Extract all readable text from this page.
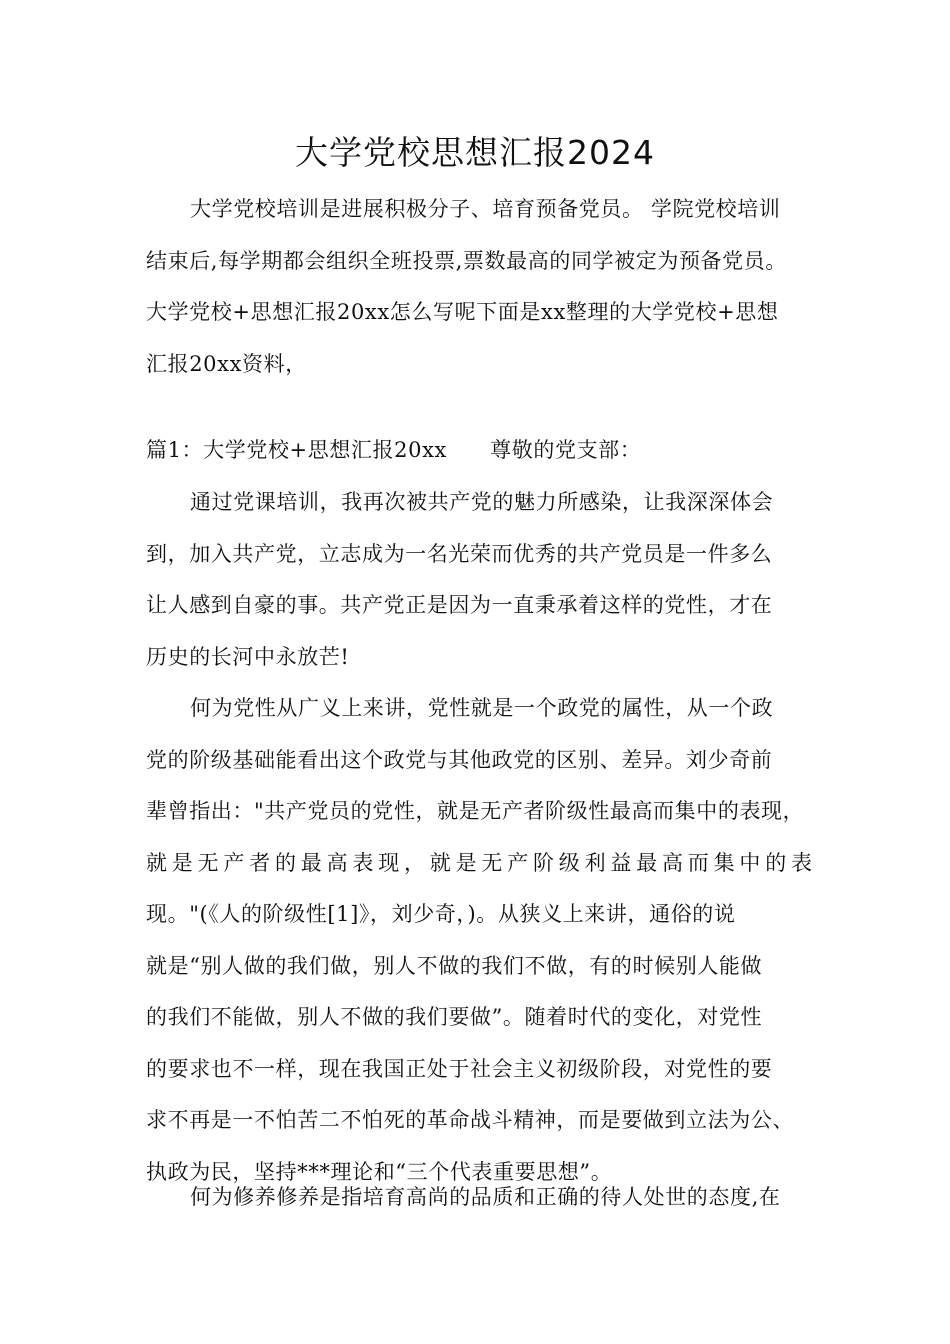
大学党校思想汇报2024
大学党校培训是进展积极分子、培育预备党员。 学院党校培训
结束后,每学期都会组织全班投票,票数最高的同学被定为预备党员。
大学党校+思想汇报20xx怎么写呢下面是xx整理的大学党校+思想
汇报20xx资料，
篇1：大学党校+思想汇报20xx　　尊敬的党支部：
通过党课培训，我再次被共产党的魅力所感染，让我深深体会
到，加入共产党，立志成为一名光荣而优秀的共产党员是一件多么
让人感到自豪的事。共产党正是因为一直秉承着这样的党性，才在
历史的长河中永放芒!
何为党性从广义上来讲，党性就是一个政党的属性，从一个政
党的阶级基础能看出这个政党与其他政党的区别、差异。刘少奇前
辈曾指出："共产党员的党性，就是无产者阶级性最高而集中的表现，
就是无产者的最高表现，就是无产阶级利益最高而集中的表
现。"(《人的阶级性[1]》，刘少奇，)。从狭义上来讲，通俗的说
就是“别人做的我们做，别人不做的我们不做，有的时候别人能做
的我们不能做，别人不做的我们要做”。随着时代的变化，对党性
的要求也不一样，现在我国正处于社会主义初级阶段，对党性的要
求不再是一不怕苦二不怕死的革命战斗精神，而是要做到立法为公、
执政为民，坚持***理论和“三个代表重要思想”。
何为修养修养是指培育高尚的品质和正确的待人处世的态度,在
